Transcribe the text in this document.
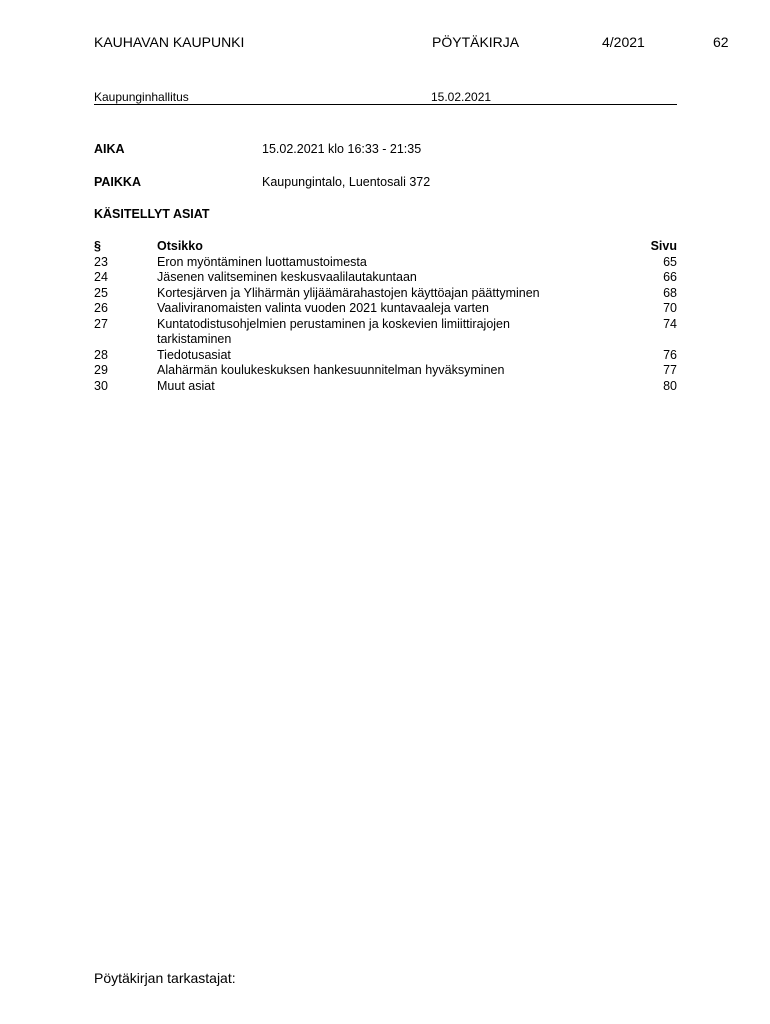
KAUHAVAN KAUPUNKI	PÖYTÄKIRJA	4/2021	62
Kaupunginhallitus	15.02.2021
AIKA	15.02.2021 klo 16:33 - 21:35
PAIKKA	Kaupungintalo, Luentosali 372
KÄSITELLYT ASIAT
§	Otsikko	Sivu
23	Eron myöntäminen luottamustoimesta	65
24	Jäsenen valitseminen keskusvaalilautakuntaan	66
25	Kortesjärven ja Ylihärmän ylijäämärahastojen käyttöajan päättyminen	68
26	Vaaliviranomaisten valinta vuoden 2021 kuntavaaleja varten	70
27	Kuntatodistusohjelmien perustaminen ja koskevien limiittirajojen tarkistaminen	74
28	Tiedotusasiat	76
29	Alahärmän koulukeskuksen hankesuunnitelman hyväksyminen	77
30	Muut asiat	80
Pöytäkirjan tarkastajat:
